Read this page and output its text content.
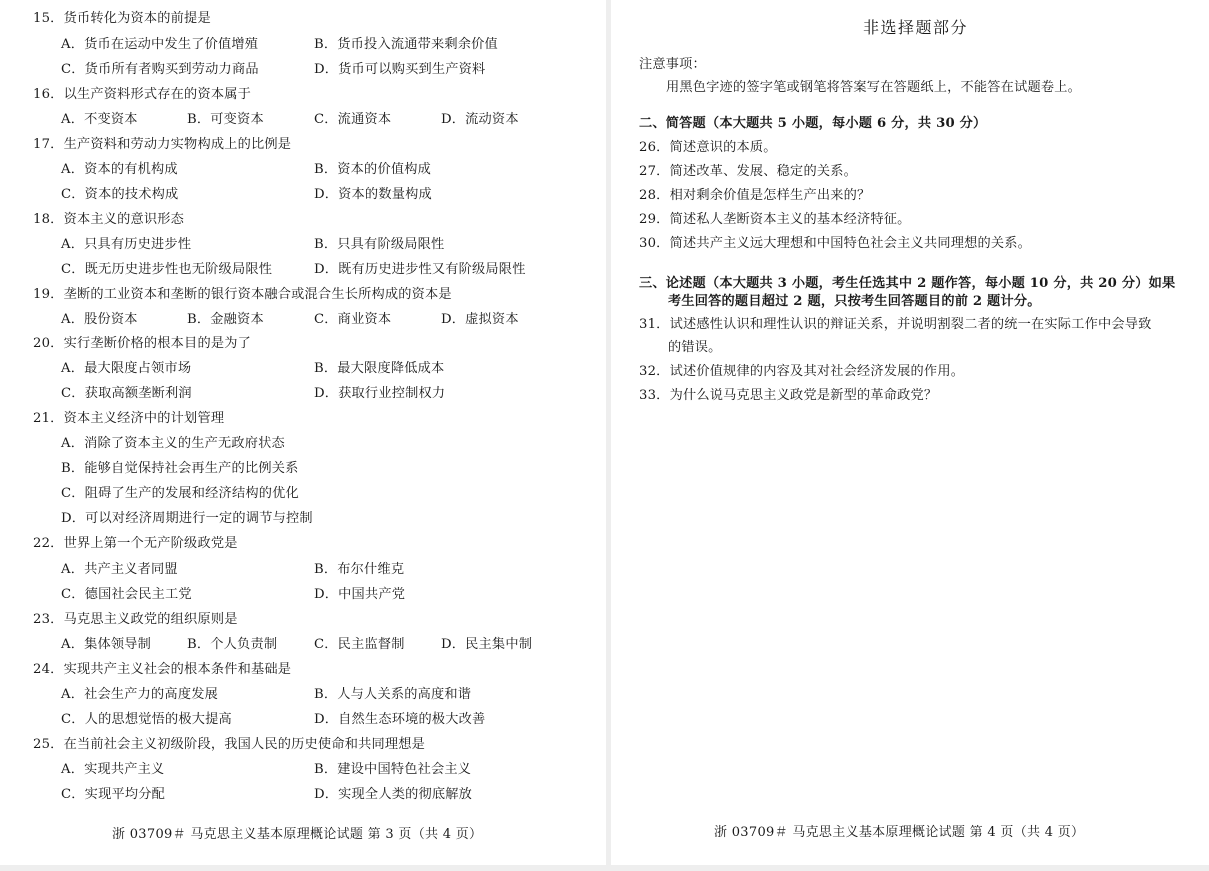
15．货币转化为资本的前提是
A．货币在运动中发生了价值增殖	B．货币投入流通带来剩余价值
C．货币所有者购买到劳动力商品	D．货币可以购买到生产资料
16．以生产资料形式存在的资本属于
A．不变资本	B．可变资本	C．流通资本	D．流动资本
17．生产资料和劳动力实物构成上的比例是
A．资本的有机构成	B．资本的价值构成
C．资本的技术构成	D．资本的数量构成
18．资本主义的意识形态
A．只具有历史进步性	B．只具有阶级局限性
C．既无历史进步性也无阶级局限性	D．既有历史进步性又有阶级局限性
19．垄断的工业资本和垄断的银行资本融合或混合生长所构成的资本是
A．股份资本	B．金融资本	C．商业资本	D．虚拟资本
20．实行垄断价格的根本目的是为了
A．最大限度占领市场	B．最大限度降低成本
C．获取高额垄断利润	D．获取行业控制权力
21．资本主义经济中的计划管理
A．消除了资本主义的生产无政府状态
B．能够自觉保持社会再生产的比例关系
C．阻碍了生产的发展和经济结构的优化
D．可以对经济周期进行一定的调节与控制
22．世界上第一个无产阶级政党是
A．共产主义者同盟	B．布尔什维克
C．德国社会民主工党	D．中国共产党
23．马克思主义政党的组织原则是
A．集体领导制	B．个人负责制	C．民主监督制	D．民主集中制
24．实现共产主义社会的根本条件和基础是
A．社会生产力的高度发展	B．人与人关系的高度和谐
C．人的思想觉悟的极大提高	D．自然生态环境的极大改善
25．在当前社会主义初级阶段，我国人民的历史使命和共同理想是
A．实现共产主义	B．建设中国特色社会主义
C．实现平均分配	D．实现全人类的彻底解放
浙 03709＃ 马克思主义基本原理概论试题 第 3 页（共 4 页）
非选择题部分
注意事项：
用黑色字迹的签字笔或钢笔将答案写在答题纸上，不能答在试题卷上。
二、简答题（本大题共 5 小题，每小题 6 分，共 30 分）
26．简述意识的本质。
27．简述改革、发展、稳定的关系。
28．相对剩余价值是怎样生产出来的？
29．简述私人垄断资本主义的基本经济特征。
30．简述共产主义远大理想和中国特色社会主义共同理想的关系。
三、论述题（本大题共 3 小题，考生任选其中 2 题作答，每小题 10 分，共 20 分）如果
考生回答的题目超过 2 题，只按考生回答题目的前 2 题计分。
31．试述感性认识和理性认识的辩证关系，并说明割裂二者的统一在实际工作中会导致
的错误。
32．试述价值规律的内容及其对社会经济发展的作用。
33．为什么说马克思主义政党是新型的革命政党？
浙 03709＃ 马克思主义基本原理概论试题 第 4 页（共 4 页）
